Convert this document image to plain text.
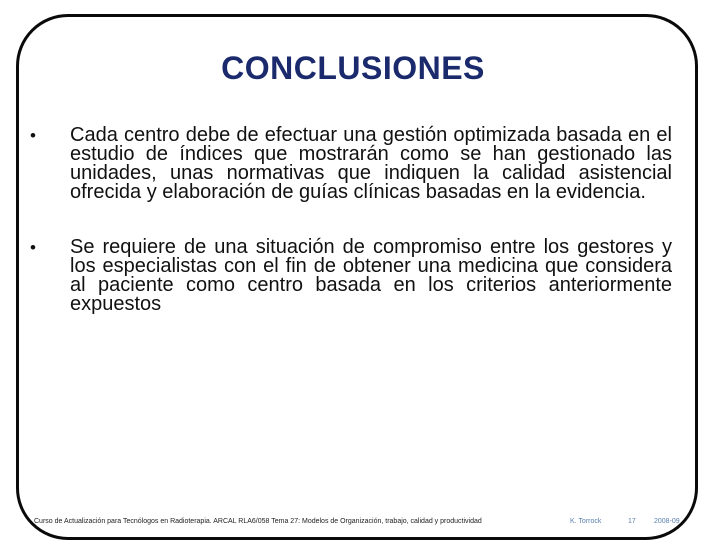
CONCLUSIONES
• Cada centro debe de efectuar una gestión optimizada basada en el estudio de índices que mostrarán como se han gestionado las unidades, unas normativas que indiquen la calidad asistencial ofrecida y elaboración de guías clínicas basadas en la evidencia.
• Se requiere de una situación de compromiso entre los gestores y los especialistas con el fin de obtener una medicina que considera al paciente como centro basada en los criterios anteriormente expuestos
Curso de Actualización para Tecnólogos en Radioterapia. ARCAL RLA6/058 Tema 27: Modelos de Organización, trabajo, calidad y productividad	K. Torrock	17	2008-09
